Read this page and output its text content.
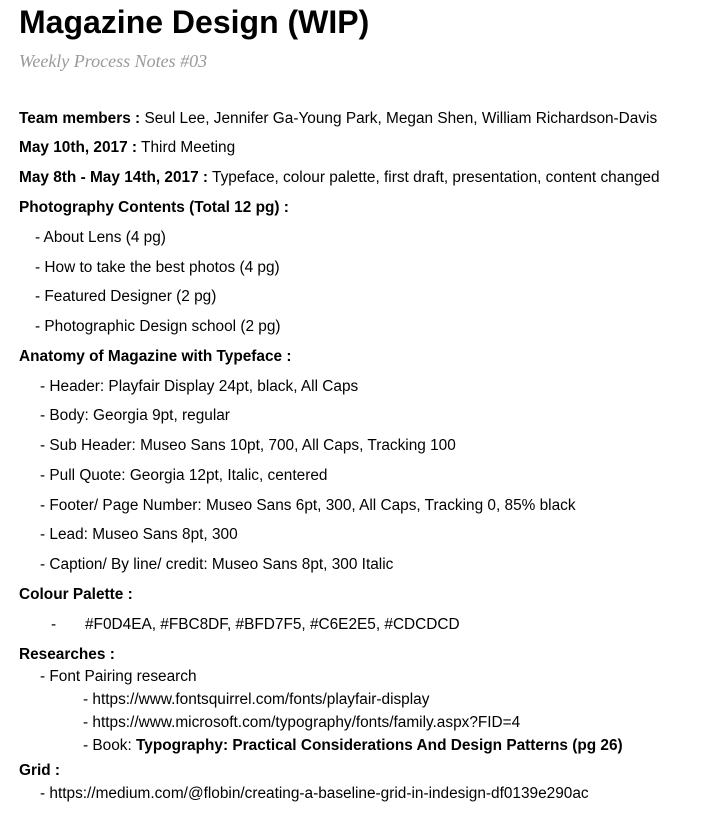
Magazine Design (WIP)
Weekly Process Notes #03
Team members : Seul Lee, Jennifer Ga-Young Park, Megan Shen, William Richardson-Davis
May 10th, 2017 : Third Meeting
May 8th - May 14th, 2017 : Typeface, colour palette, first draft, presentation, content changed
Photography Contents (Total 12 pg) :
- About Lens (4 pg)
- How to take the best photos (4 pg)
- Featured Designer (2 pg)
- Photographic Design school (2 pg)
Anatomy of Magazine with Typeface :
- Header: Playfair Display 24pt, black, All Caps
- Body: Georgia 9pt, regular
- Sub Header: Museo Sans 10pt, 700, All Caps, Tracking 100
- Pull Quote: Georgia 12pt, Italic, centered
- Footer/ Page Number: Museo Sans 6pt, 300, All Caps, Tracking 0, 85% black
- Lead: Museo Sans 8pt, 300
- Caption/ By line/ credit: Museo Sans 8pt, 300 Italic
Colour Palette :
- #F0D4EA, #FBC8DF, #BFD7F5, #C6E2E5, #CDCDCD
Researches :
- Font Pairing research
- https://www.fontsquirrel.com/fonts/playfair-display
- https://www.microsoft.com/typography/fonts/family.aspx?FID=4
- Book: Typography: Practical Considerations And Design Patterns (pg 26)
Grid :
- https://medium.com/@flobin/creating-a-baseline-grid-in-indesign-df0139e290ac
